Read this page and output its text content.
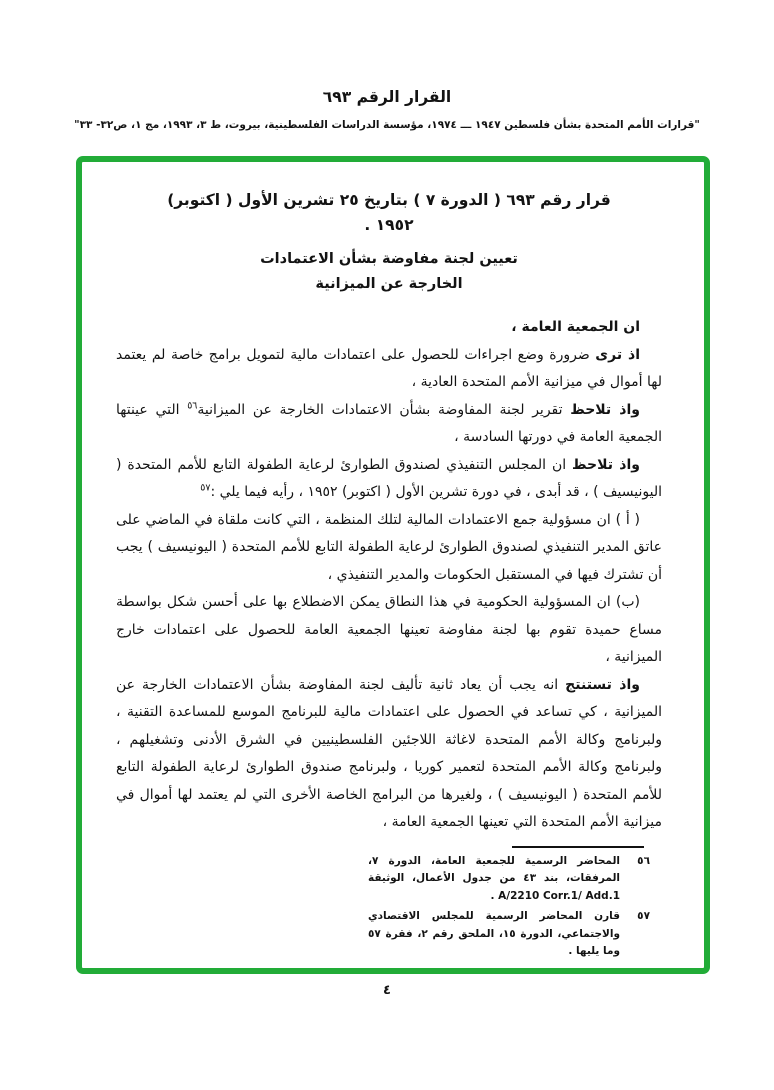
القرار الرقم ٦٩٣
"قرارات الأمم المتحدة بشأن فلسطين ١٩٤٧ ـــ ١٩٧٤، مؤسسة الدراسات الفلسطينية، بيروت، ط ٣، ١٩٩٣، مج ١، ص٣٢- ٣٣"
قرار رقم ٦٩٣ ( الدورة ٧ ) بتاريخ ٢٥ تشرين الأول ( اكتوبر)
١٩٥٢ .
تعيين لجنة مفاوضة بشأن الاعتمادات
الخارجة عن الميزانية

ان الجمعية العامة ،

اذ ترى ضرورة وضع اجراءات للحصول على اعتمادات مالية لتمويل برامج خاصة لم يعتمد لها أموال في ميزانية الأمم المتحدة العادية ،

واذ تلاحظ تقرير لجنة المفاوضة بشأن الاعتمادات الخارجة عن الميزانية$^{٥٦}$ التي عينتها الجمعية العامة في دورتها السادسة ،

واذ تلاحظ ان المجلس التنفيذي لصندوق الطوارئ لرعاية الطفولة التابع للأمم المتحدة ( اليونيسيف ) ، قد أبدى ، في دورة تشرين الأول ( اكتوبر) ١٩٥٢ ، رأيه فيما يلي :$^{٥٧}$

( أ ) ان مسؤولية جمع الاعتمادات المالية لتلك المنظمة ، التي كانت ملقاة في الماضي على عاتق المدير التنفيذي لصندوق الطوارئ لرعاية الطفولة التابع للأمم المتحدة ( اليونيسيف ) يجب أن تشترك فيها في المستقبل الحكومات والمدير التنفيذي ،

(ب) ان المسؤولية الحكومية في هذا النطاق يمكن الاضطلاع بها على أحسن شكل بواسطة مساع حميدة تقوم بها لجنة مفاوضة تعينها الجمعية العامة للحصول على اعتمادات خارج الميزانية ،

واذ تستنتج انه يجب أن يعاد ثانية تأليف لجنة المفاوضة بشأن الاعتمادات الخارجة عن الميزانية ، كي تساعد في الحصول على اعتمادات مالية للبرنامج الموسع للمساعدة التقنية ، ولبرنامج وكالة الأمم المتحدة لاغاثة اللاجئين الفلسطينيين في الشرق الأدنى وتشغيلهم ، ولبرنامج وكالة الأمم المتحدة لتعمير كوريا ، ولبرنامج صندوق الطوارئ لرعاية الطفولة التابع للأمم المتحدة ( اليونيسيف ) ، ولغيرها من البرامج الخاصة الأخرى التي لم يعتمد لها أموال في ميزانية الأمم المتحدة التي تعينها الجمعية العامة ،

٥٦
المحاضر الرسمية للجمعية العامة، الدورة ٧، المرفقات، بند ٤٣ من جدول الأعمال، الوثيقة A/2210 Corr.1/ Add.1 .
٥٧
قارن المحاضر الرسمية للمجلس الاقتصادي والاجتماعي، الدورة ١٥، الملحق رقم ٢، فقرة ٥٧ وما يليها .
٤
